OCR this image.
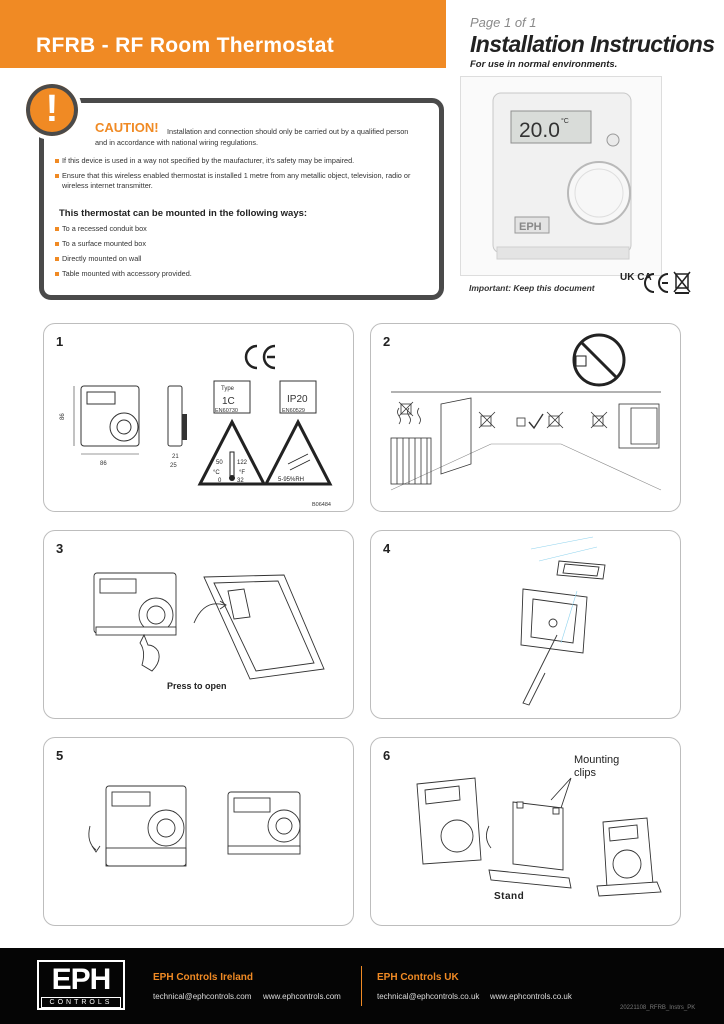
RFRB - RF Room Thermostat
Page 1 of 1
Installation Instructions
For use in normal environments.
!	CAUTION!	Installation and connection should only be carried out by a qualified person and in accordance with national wiring regulations.
If this device is used in a way not specified by the maufacturer, it's safety may be impaired.
Ensure that this wireless enabled thermostat is installed 1 metre from any metallic object, television, radio or wireless internet transmitter.
This thermostat can be mounted in the following ways:
To a recessed conduit box
To a surface mounted box
Directly mounted on wall
Table mounted with accessory provided.
20.0 °C
EPH
Important: Keep this document
UK CA
1
86
86
21
25
Type
1C
EN60730
IP20
EN60529
50 122
°C	°F
0	32	5-95%RH
B06484
2
3
Press to open
4
5	6	Mounting
clips
Stand
EPH
CONTROLS
EPH Controls Ireland
technical@ephcontrols.com www.ephcontrols.com
EPH Controls UK
technical@ephcontrols.co.uk www.ephcontrols.co.uk
20221108_RFRB_Instrs_PK
